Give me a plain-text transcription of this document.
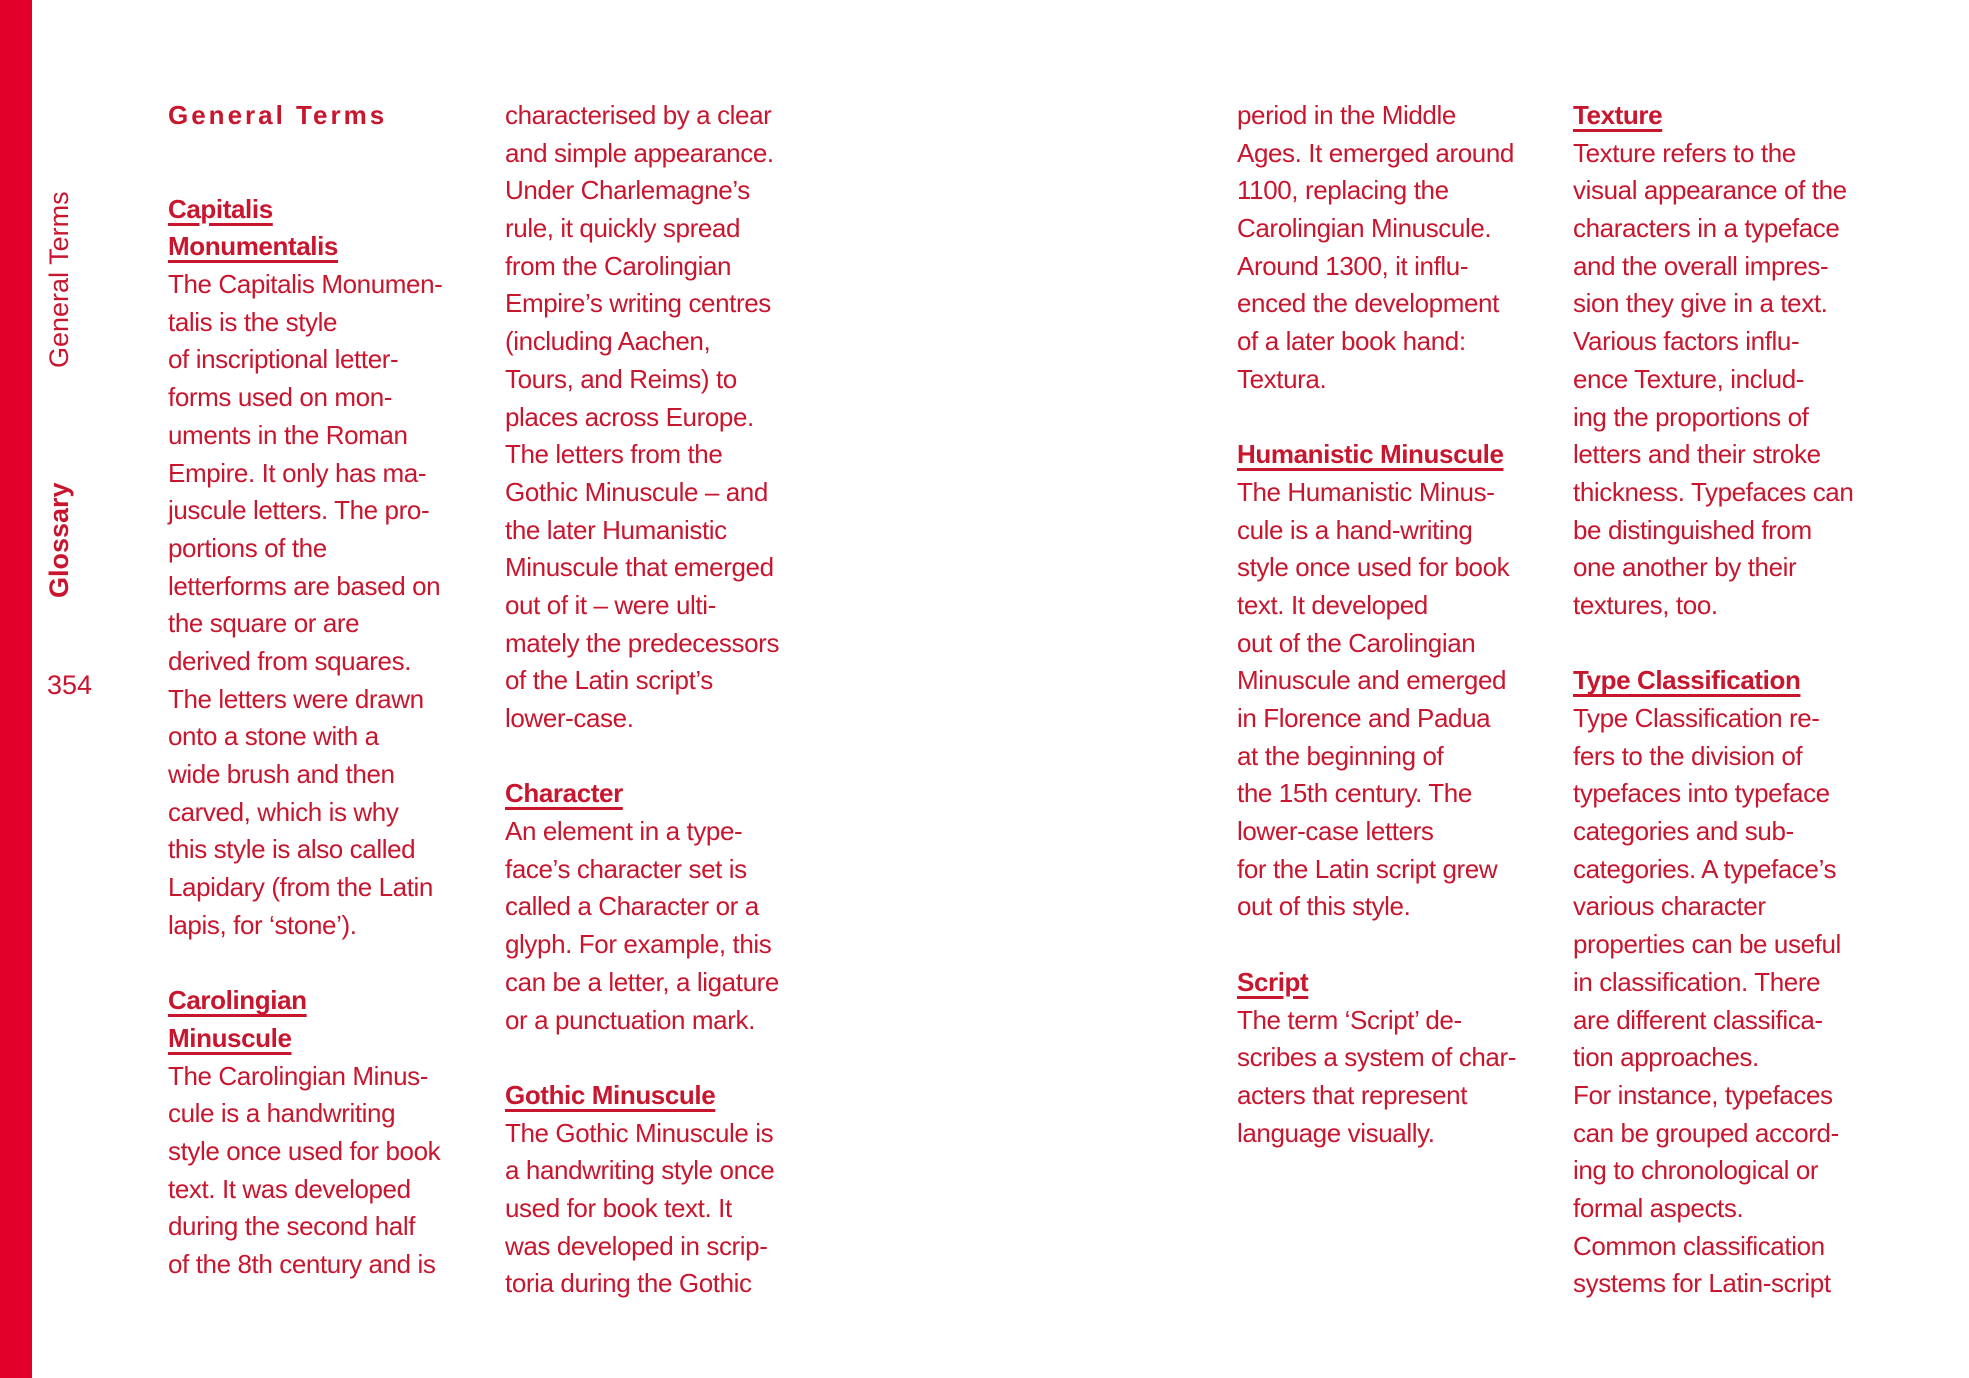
General Terms
Glossary
354
General Terms
Capitalis
Monumentalis
The Capitalis Monumen-
talis is the style
of inscriptional letter-
forms used on mon-
uments in the Roman
Empire. It only has ma-
juscule letters. The pro-
portions of the
letterforms are based on
the square or are
derived from squares.
The letters were drawn
onto a stone with a
wide brush and then
carved, which is why
this style is also called
Lapidary (from the Latin
lapis, for ‘stone’).
Carolingian
Minuscule
The Carolingian Minus-
cule is a handwriting
style once used for book
text. It was developed
during the second half
of the 8th century and is
characterised by a clear
and simple appearance.
Under Charlemagne’s
rule, it quickly spread
from the Carolingian
Empire’s writing centres
(including Aachen,
Tours, and Reims) to
places across Europe.
The letters from the
Gothic Minuscule – and
the later Humanistic
Minuscule that emerged
out of it – were ulti-
mately the predecessors
of the Latin script’s
lower-case.
Character
An element in a type-
face’s character set is
called a Character or a
glyph. For example, this
can be a letter, a ligature
or a punctuation mark.
Gothic Minuscule
The Gothic Minuscule is
a handwriting style once
used for book text. It
was developed in scrip-
toria during the Gothic
period in the Middle
Ages. It emerged around
1100, replacing the
Carolingian Minuscule.
Around 1300, it influ-
enced the development
of a later book hand:
Textura.
Humanistic Minuscule
The Humanistic Minus-
cule is a hand-writing
style once used for book
text. It developed
out of the Carolingian
Minuscule and emerged
in Florence and Padua
at the beginning of
the 15th century. The
lower-case letters
for the Latin script grew
out of this style.
Script
The term ‘Script’ de-
scribes a system of char-
acters that represent
language visually.
Texture
Texture refers to the
visual appearance of the
characters in a typeface
and the overall impres-
sion they give in a text.
Various factors influ-
ence Texture, includ-
ing the proportions of
letters and their stroke
thickness. Typefaces can
be distinguished from
one another by their
textures, too.
Type Classification
Type Classification re-
fers to the division of
typefaces into typeface
categories and sub-
categories. A typeface’s
various character
properties can be useful
in classification. There
are different classifica-
tion approaches.
For instance, typefaces
can be grouped accord-
ing to chronological or
formal aspects.
Common classification
systems for Latin-script
